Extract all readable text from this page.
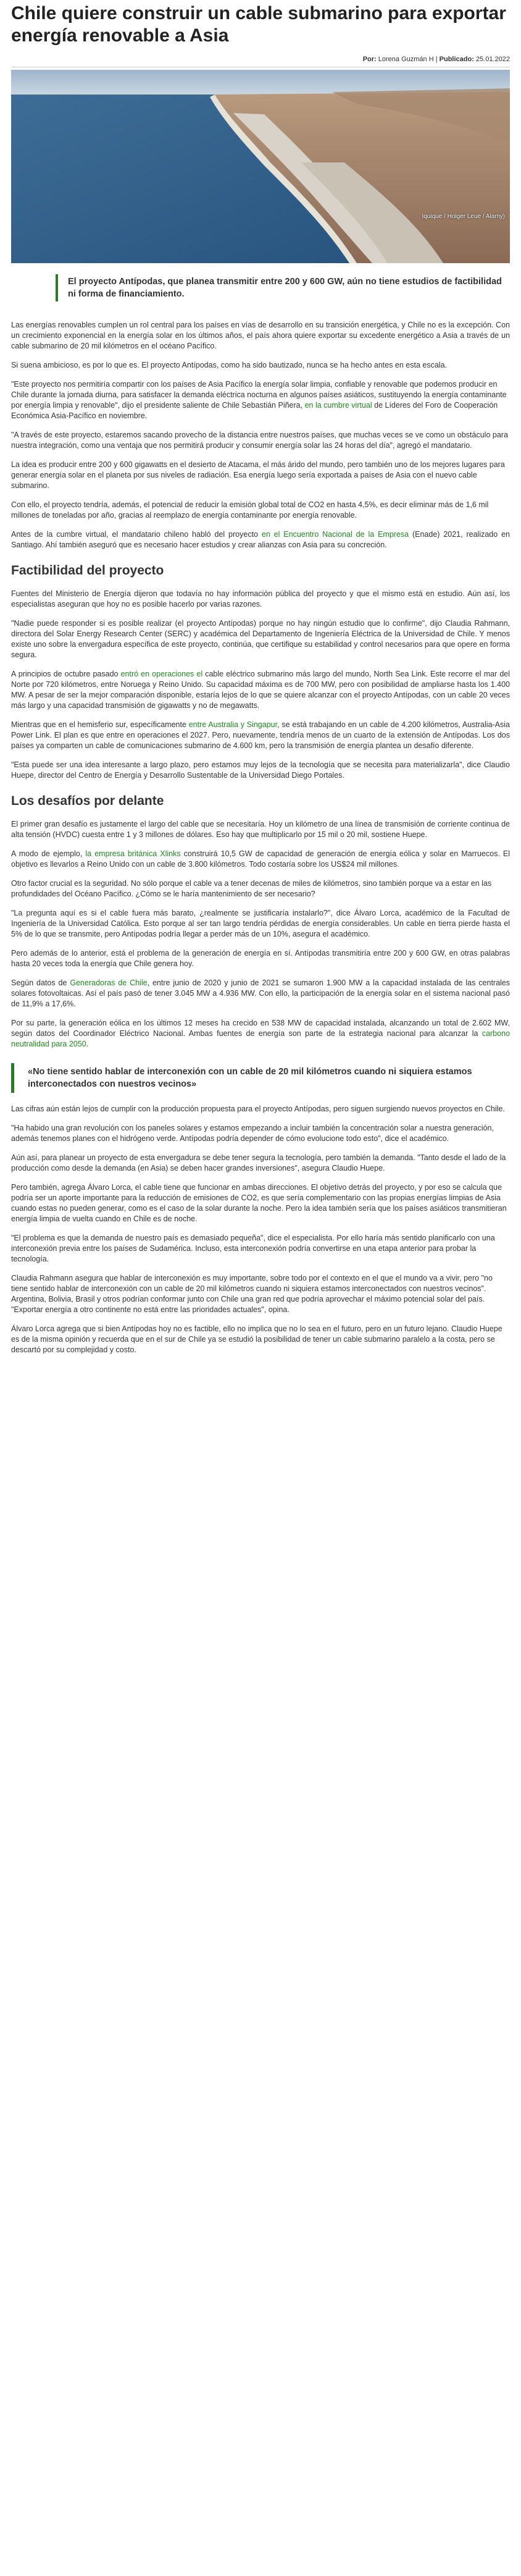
Chile quiere construir un cable submarino para exportar energía renovable a Asia
Por: Lorena Guzmán H | Publicado: 25.01.2022
Iquique / Holger Leue / Alamy)
El proyecto Antípodas, que planea transmitir entre 200 y 600 GW, aún no tiene estudios de factibilidad ni forma de financiamiento.

Las energías renovables cumplen un rol central para los países en vías de desarrollo en su transición energética, y Chile no es la excepción. Con un crecimiento exponencial en la energía solar en los últimos años, el país ahora quiere exportar su excedente energético a Asia a través de un cable submarino de 20 mil kilómetros en el océano Pacífico.

Si suena ambicioso, es por lo que es. El proyecto Antípodas, como ha sido bautizado, nunca se ha hecho antes en esta escala.

"Este proyecto nos permitiría compartir con los países de Asia Pacífico la energía solar limpia, confiable y renovable que podemos producir en Chile durante la jornada diurna, para satisfacer la demanda eléctrica nocturna en algunos países asiáticos, sustituyendo la energía contaminante por energía limpia y renovable", dijo el presidente saliente de Chile Sebastián Piñera, en la cumbre virtual de Líderes del Foro de Cooperación Económica Asia-Pacífico en noviembre.

"A través de este proyecto, estaremos sacando provecho de la distancia entre nuestros países, que muchas veces se ve como un obstáculo para nuestra integración, como una ventaja que nos permitirá producir y consumir energía solar las 24 horas del día", agregó el mandatario.

La idea es producir entre 200 y 600 gigawatts en el desierto de Atacama, el más árido del mundo, pero también uno de los mejores lugares para generar energía solar en el planeta por sus niveles de radiación. Esa energía luego sería exportada a países de Asia con el nuevo cable submarino.

Con ello, el proyecto tendría, además, el potencial de reducir la emisión global total de CO2 en hasta 4,5%, es decir eliminar más de 1,6 mil millones de toneladas por año, gracias al reemplazo de energía contaminante por energía renovable.

Antes de la cumbre virtual, el mandatario chileno habló del proyecto en el Encuentro Nacional de la Empresa (Enade) 2021, realizado en Santiago. Ahí también aseguró que es necesario hacer estudios y crear alianzas con Asia para su concreción.

Factibilidad del proyecto

Fuentes del Ministerio de Energía dijeron que todavía no hay información pública del proyecto y que el mismo está en estudio. Aún así, los especialistas aseguran que hoy no es posible hacerlo por varias razones.

"Nadie puede responder si es posible realizar (el proyecto Antípodas) porque no hay ningún estudio que lo confirme", dijo Claudia Rahmann, directora del Solar Energy Research Center (SERC) y académica del Departamento de Ingeniería Eléctrica de la Universidad de Chile. Y menos existe uno sobre la envergadura específica de este proyecto, continúa, que certifique su estabilidad y control necesarios para que opere en forma segura.

A principios de octubre pasado entró en operaciones el cable eléctrico submarino más largo del mundo, North Sea Link. Este recorre el mar del Norte por 720 kilómetros, entre Noruega y Reino Unido. Su capacidad máxima es de 700 MW, pero con posibilidad de ampliarse hasta los 1.400 MW. A pesar de ser la mejor comparación disponible, estaría lejos de lo que se quiere alcanzar con el proyecto Antípodas, con un cable 20 veces más largo y una capacidad transmisión de gigawatts y no de megawatts.

Mientras que en el hemisferio sur, específicamente entre Australia y Singapur, se está trabajando en un cable de 4.200 kilómetros, Australia-Asia Power Link. El plan es que entre en operaciones el 2027. Pero, nuevamente, tendría menos de un cuarto de la extensión de Antípodas. Los dos países ya comparten un cable de comunicaciones submarino de 4.600 km, pero la transmisión de energía plantea un desafío diferente.

"Esta puede ser una idea interesante a largo plazo, pero estamos muy lejos de la tecnología que se necesita para materializarla", dice Claudio Huepe, director del Centro de Energía y Desarrollo Sustentable de la Universidad Diego Portales.

Los desafíos por delante

El primer gran desafío es justamente el largo del cable que se necesitaría. Hoy un kilómetro de una línea de transmisión de corriente continua de alta tensión (HVDC) cuesta entre 1 y 3 millones de dólares. Eso hay que multiplicarlo por 15 mil o 20 mil, sostiene Huepe.

A modo de ejemplo, la empresa británica Xlinks construirá 10,5 GW de capacidad de generación de energía eólica y solar en Marruecos. El objetivo es llevarlos a Reino Unido con un cable de 3.800 kilómetros. Todo costaría sobre los US$24 mil millones.

Otro factor crucial es la seguridad. No sólo porque el cable va a tener decenas de miles de kilómetros, sino también porque va a estar en las profundidades del Océano Pacífico. ¿Cómo se le haría mantenimiento de ser necesario?

"La pregunta aquí es si el cable fuera más barato, ¿realmente se justificaría instalarlo?", dice Álvaro Lorca, académico de la Facultad de Ingeniería de la Universidad Católica. Esto porque al ser tan largo tendría pérdidas de energía considerables. Un cable en tierra pierde hasta el 5% de lo que se transmite, pero Antípodas podría llegar a perder más de un 10%, asegura el académico.

Pero además de lo anterior, está el problema de la generación de energía en sí. Antípodas transmitiría entre 200 y 600 GW, en otras palabras hasta 20 veces toda la energía que Chile genera hoy.

Según datos de Generadoras de Chile, entre junio de 2020 y junio de 2021 se sumaron 1.900 MW a la capacidad instalada de las centrales solares fotovoltaicas. Así el país pasó de tener 3.045 MW a 4.936 MW. Con ello, la participación de la energía solar en el sistema nacional pasó de 11,9% a 17,6%.

Por su parte, la generación eólica en los últimos 12 meses ha crecido en 538 MW de capacidad instalada, alcanzando un total de 2.602 MW, según datos del Coordinador Eléctrico Nacional. Ambas fuentes de energía son parte de la estrategia nacional para alcanzar la carbono neutralidad para 2050.

«No tiene sentido hablar de interconexión con un cable de 20 mil kilómetros cuando ni siquiera estamos interconectados con nuestros vecinos»

Las cifras aún están lejos de cumplir con la producción propuesta para el proyecto Antípodas, pero siguen surgiendo nuevos proyectos en Chile.

"Ha habido una gran revolución con los paneles solares y estamos empezando a incluir también la concentración solar a nuestra generación, además tenemos planes con el hidrógeno verde. Antípodas podría depender de cómo evolucione todo esto", dice el académico.

Aún así, para planear un proyecto de esta envergadura se debe tener segura la tecnología, pero también la demanda. "Tanto desde el lado de la producción como desde la demanda (en Asia) se deben hacer grandes inversiones", asegura Claudio Huepe.

Pero también, agrega Álvaro Lorca, el cable tiene que funcionar en ambas direcciones. El objetivo detrás del proyecto, y por eso se calcula que podría ser un aporte importante para la reducción de emisiones de CO2, es que sería complementario con las propias energías limpias de Asia cuando estas no pueden generar, como es el caso de la solar durante la noche. Pero la idea también sería que los países asiáticos transmitieran energía limpia de vuelta cuando en Chile es de noche.

"El problema es que la demanda de nuestro país es demasiado pequeña", dice el especialista. Por ello haría más sentido planificarlo con una interconexión previa entre los países de Sudamérica. Incluso, esta interconexión podría convertirse en una etapa anterior para probar la tecnología.

Claudia Rahmann asegura que hablar de interconexión es muy importante, sobre todo por el contexto en el que el mundo va a vivir, pero "no tiene sentido hablar de interconexión con un cable de 20 mil kilómetros cuando ni siquiera estamos interconectados con nuestros vecinos". Argentina, Bolivia, Brasil y otros podrían conformar junto con Chile una gran red que podría aprovechar el máximo potencial solar del país. "Exportar energía a otro continente no está entre las prioridades actuales", opina.

Álvaro Lorca agrega que si bien Antípodas hoy no es factible, ello no implica que no lo sea en el futuro, pero en un futuro lejano. Claudio Huepe es de la misma opinión y recuerda que en el sur de Chile ya se estudió la posibilidad de tener un cable submarino paralelo a la costa, pero se descartó por su complejidad y costo.
